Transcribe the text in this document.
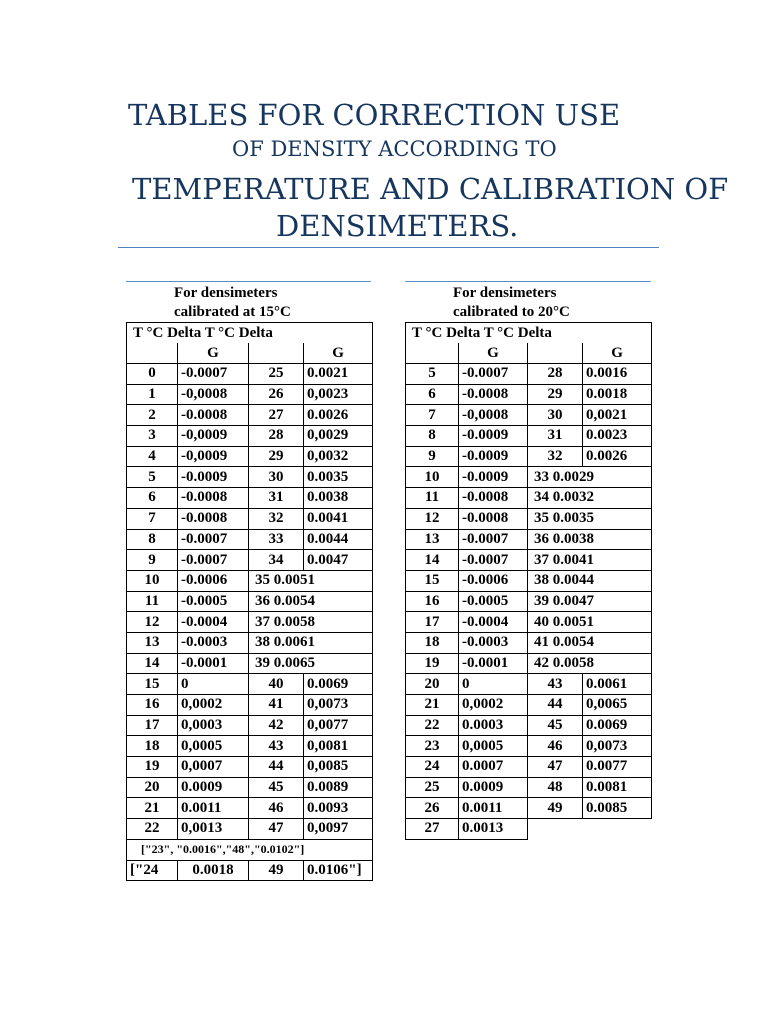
TABLES FOR CORRECTION USE
OF DENSITY ACCORDING TO
TEMPERATURE AND CALIBRATION OF
DENSIMETERS.
For densimeters
calibrated at 15°C
T °C Delta T °C Delta			
	G		G
0	-0.0007	25	0.0021
1	-0,0008	26	0,0023
2	-0.0008	27	0.0026
3	-0,0009	28	0,0029
4	-0,0009	29	0,0032
5	-0.0009	30	0.0035
6	-0.0008	31	0.0038
7	-0.0008	32	0.0041
8	-0.0007	33	0.0044
9	-0.0007	34	0.0047
10	-0.0006	35 0.0051	
11	-0.0005	36 0.0054	
12	-0.0004	37 0.0058	
13	-0.0003	38 0.0061	
14	-0.0001	39 0.0065	
15	0	40	0.0069
16	0,0002	41	0,0073
17	0,0003	42	0,0077
18	0,0005	43	0,0081
19	0,0007	44	0,0085
20	0.0009	45	0.0089
21	0.0011	46	0.0093
22	0,0013	47	0,0097
["23", "0.0016","48","0.0102"]			
["24	0.0018	49	0.0106"]
For densimeters
calibrated to 20°C
T °C Delta T °C Delta			
	G		G
5	-0.0007	28	0.0016
6	-0.0008	29	0.0018
7	-0,0008	30	0,0021
8	-0.0009	31	0.0023
9	-0.0009	32	0.0026
10	-0.0009	33 0.0029	
11	-0.0008	34 0.0032	
12	-0.0008	35 0.0035	
13	-0.0007	36 0.0038	
14	-0.0007	37 0.0041	
15	-0.0006	38 0.0044	
16	-0.0005	39 0.0047	
17	-0.0004	40 0.0051	
18	-0.0003	41 0.0054	
19	-0.0001	42 0.0058	
20	0	43	0.0061
21	0,0002	44	0,0065
22	0.0003	45	0.0069
23	0,0005	46	0,0073
24	0.0007	47	0.0077
25	0.0009	48	0.0081
26	0.0011	49	0.0085
27	0.0013		
